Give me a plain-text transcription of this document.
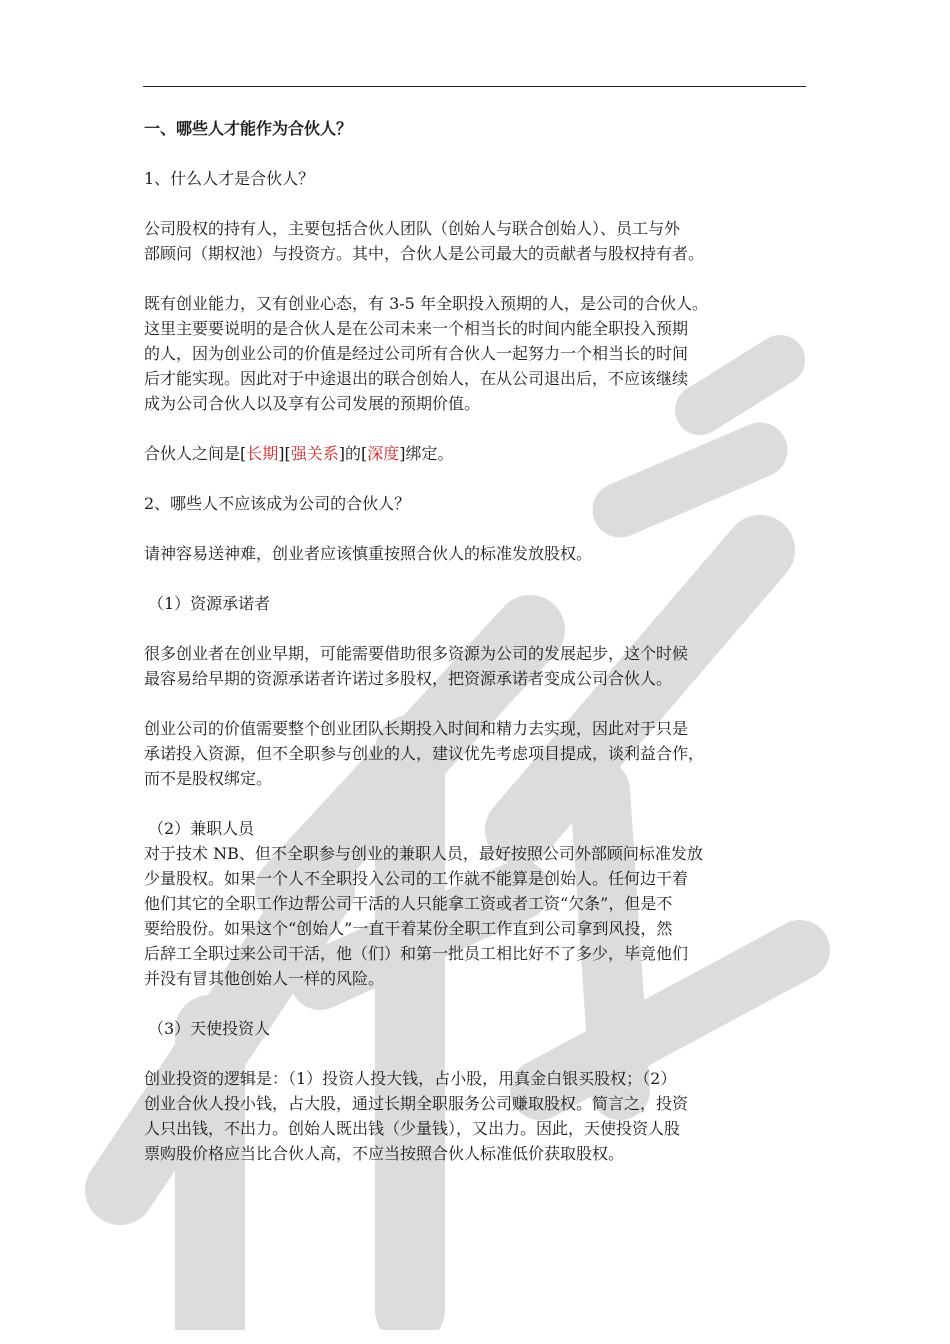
一、哪些人才能作为合伙人？

1、什么人才是合伙人？

公司股权的持有人，主要包括合伙人团队（创始人与联合创始人）、员工与外

部顾问（期权池）与投资方。其中，合伙人是公司最大的贡献者与股权持有者。

既有创业能力，又有创业心态，有 3-5 年全职投入预期的人，是公司的合伙人。

这里主要要说明的是合伙人是在公司未来一个相当长的时间内能全职投入预期

的人，因为创业公司的价值是经过公司所有合伙人一起努力一个相当长的时间

后才能实现。因此对于中途退出的联合创始人，在从公司退出后，不应该继续

成为公司合伙人以及享有公司发展的预期价值。

合伙人之间是[长期][强关系]的[深度]绑定。

2、哪些人不应该成为公司的合伙人？

请神容易送神难，创业者应该慎重按照合伙人的标准发放股权。

（1）资源承诺者

很多创业者在创业早期，可能需要借助很多资源为公司的发展起步，这个时候

最容易给早期的资源承诺者许诺过多股权，把资源承诺者变成公司合伙人。

创业公司的价值需要整个创业团队长期投入时间和精力去实现，因此对于只是

承诺投入资源，但不全职参与创业的人，建议优先考虑项目提成，谈利益合作，

而不是股权绑定。

（2）兼职人员

对于技术 NB、但不全职参与创业的兼职人员，最好按照公司外部顾问标准发放

少量股权。如果一个人不全职投入公司的工作就不能算是创始人。任何边干着

他们其它的全职工作边帮公司干活的人只能拿工资或者工资“欠条”，但是不

要给股份。如果这个“创始人”一直干着某份全职工作直到公司拿到风投，然

后辞工全职过来公司干活，他（们）和第一批员工相比好不了多少，毕竟他们

并没有冒其他创始人一样的风险。

（3）天使投资人

创业投资的逻辑是：（1）投资人投大钱，占小股，用真金白银买股权；（2）

创业合伙人投小钱，占大股，通过长期全职服务公司赚取股权。简言之，投资

人只出钱，不出力。创始人既出钱（少量钱），又出力。因此，天使投资人股

票购股价格应当比合伙人高，不应当按照合伙人标准低价获取股权。
